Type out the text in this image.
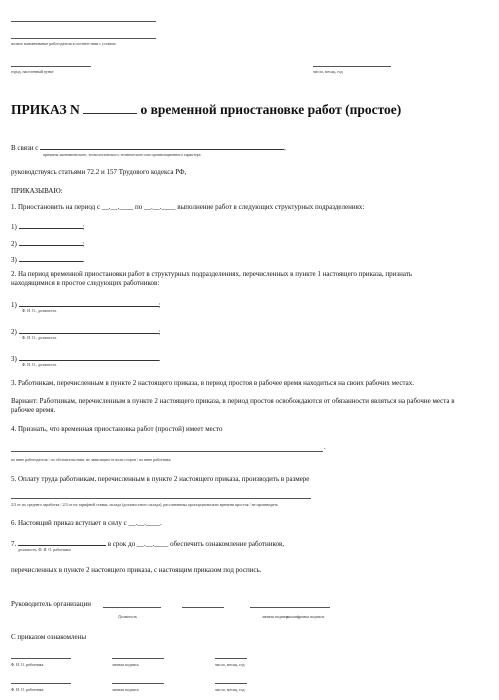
полное наименование работодателя в соответствии с уставом
город, населенный пункт	число, месяц, год
ПРИКАЗ N	о временной приостановке работ (простое)
В связи с	,
причины экономического, технологического, технического или организационного характера
руководствуясь статьями 72.2 и 157 Трудового кодекса РФ,
ПРИКАЗЫВАЮ:
1. Приостановить на период с __.__.____ по __.__.____ выполнение работ в следующих структурных подразделениях:
1)	;
2)	;
3)	.
2. На период временной приостановки работ в структурных подразделениях, перечисленных в пункте 1 настоящего приказа, признать
находящимися в простое следующих работников:
1)	;
Ф. И. О., должность
2)	;
Ф. И. О., должность
3)	.
Ф. И. О., должность
3. Работникам, перечисленным в пункте 2 настоящего приказа, в период простоя в рабочее время находиться на своих рабочих местах.
Вариант: Работникам, перечисленным в пункте 2 настоящего приказа, в период простоя освобождаются от обязанности являться на рабочие места в
рабочее время.
4. Признать, что временная приостановка работ (простой) имеет место
.
по вине работодателя / по обстоятельствам, не зависящим от воли сторон / по вине работника
5. Оплату труда работникам, перечисленным в пункте 2 настоящего приказа, производить в размере
2/3 от их среднего заработка / 2/3 от их тарифной ставки, оклада (должностного оклада), рассчитанных пропорционально времени простоя / не производить
6. Настоящий приказ вступает в силу с __.__.____.
7.	в срок до __.__.____ обеспечить ознакомление работников,
должность, Ф. И. О. работника
перечисленных в пункте 2 настоящего приказа, с настоящим приказом под роспись.
Руководитель организации
Должность	личная подпись
расшифровка подписи
С приказом ознакомлены
Ф. И. О. работника	личная подпись	число, месяц, год
Ф. И. О. работника	личная подпись	число, месяц, год
